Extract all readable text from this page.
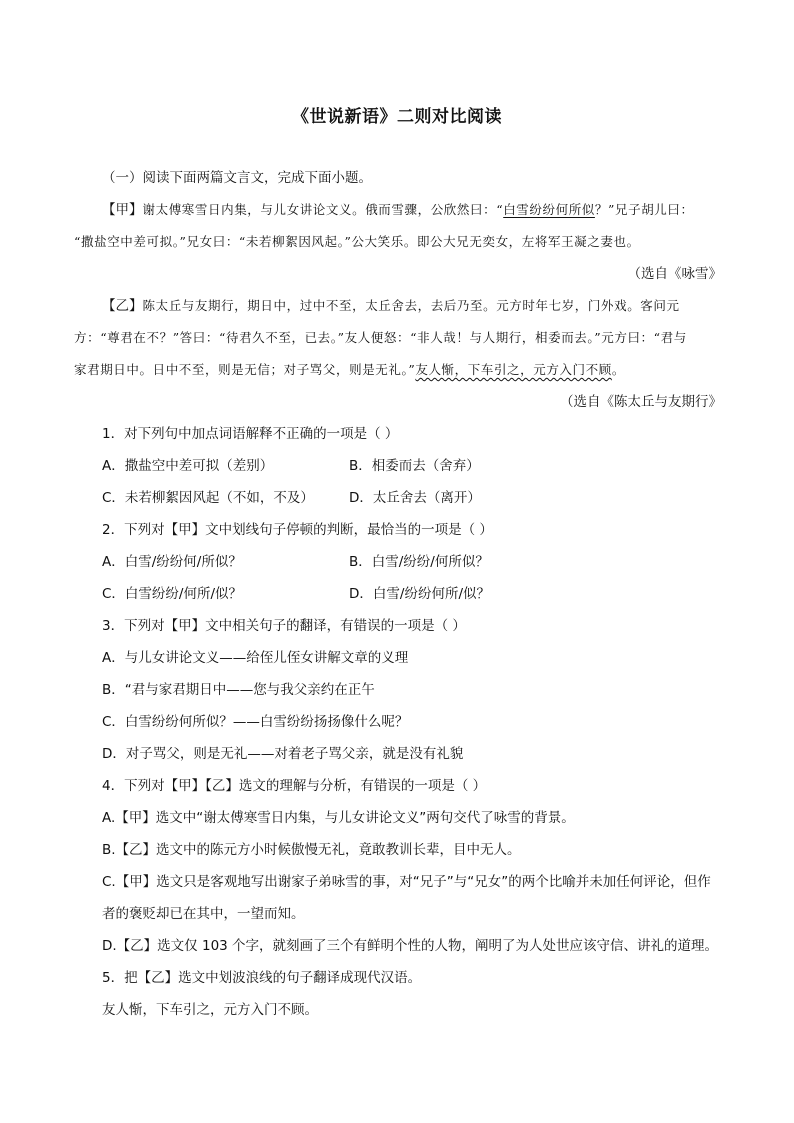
《世说新语》二则对比阅读
（一）阅读下面两篇文言文，完成下面小题。
【甲】谢太傅寒雪日内集，与儿女讲论文义。俄而雪骤，公欣然曰：“白雪纷纷何所似？”兄子胡儿曰：
“撒盐空中差可拟。”兄女曰：“未若柳絮因风起。”公大笑乐。即公大兄无奕女，左将军王凝之妻也。
（选自《咏雪》
【乙】陈太丘与友期行，期日中，过中不至，太丘舍去，去后乃至。元方时年七岁，门外戏。客问元
方：“尊君在不？”答曰：“待君久不至，已去。”友人便怒：“非人哉！与人期行，相委而去。”元方曰：“君与
家君期日中。日中不至，则是无信；对子骂父，则是无礼。”友人惭，下车引之，元方入门不顾。
（选自《陈太丘与友期行》
1．对下列句中加点词语解释不正确的一项是（ ）
A．撒盐空中差可拟（差别）	B．相委而去（舍弃）
C．未若柳絮因风起（不如，不及）	D．太丘舍去（离开）
2．下列对【甲】文中划线句子停顿的判断，最恰当的一项是（ ）
A．白雪/纷纷何/所似？	B．白雪/纷纷/何所似？
C．白雪纷纷/何所/似？	D．白雪/纷纷何所/似？
3．下列对【甲】文中相关句子的翻译，有错误的一项是（ ）
A．与儿女讲论文义——给侄儿侄女讲解文章的义理
B．“君与家君期日中——您与我父亲约在正午
C．白雪纷纷何所似？——白雪纷纷扬扬像什么呢？
D．对子骂父，则是无礼——对着老子骂父亲，就是没有礼貌
4．下列对【甲】【乙】选文的理解与分析，有错误的一项是（ ）
A.【甲】选文中“谢太傅寒雪日内集，与儿女讲论文义”两句交代了咏雪的背景。
B.【乙】选文中的陈元方小时候傲慢无礼，竟敢教训长辈，目中无人。
C.【甲】选文只是客观地写出谢家子弟咏雪的事，对“兄子”与“兄女”的两个比喻并未加任何评论，但作
者的褒贬却已在其中，一望而知。
D.【乙】选文仅 103 个字，就刻画了三个有鲜明个性的人物，阐明了为人处世应该守信、讲礼的道理。
5．把【乙】选文中划波浪线的句子翻译成现代汉语。
友人惭，下车引之，元方入门不顾。
